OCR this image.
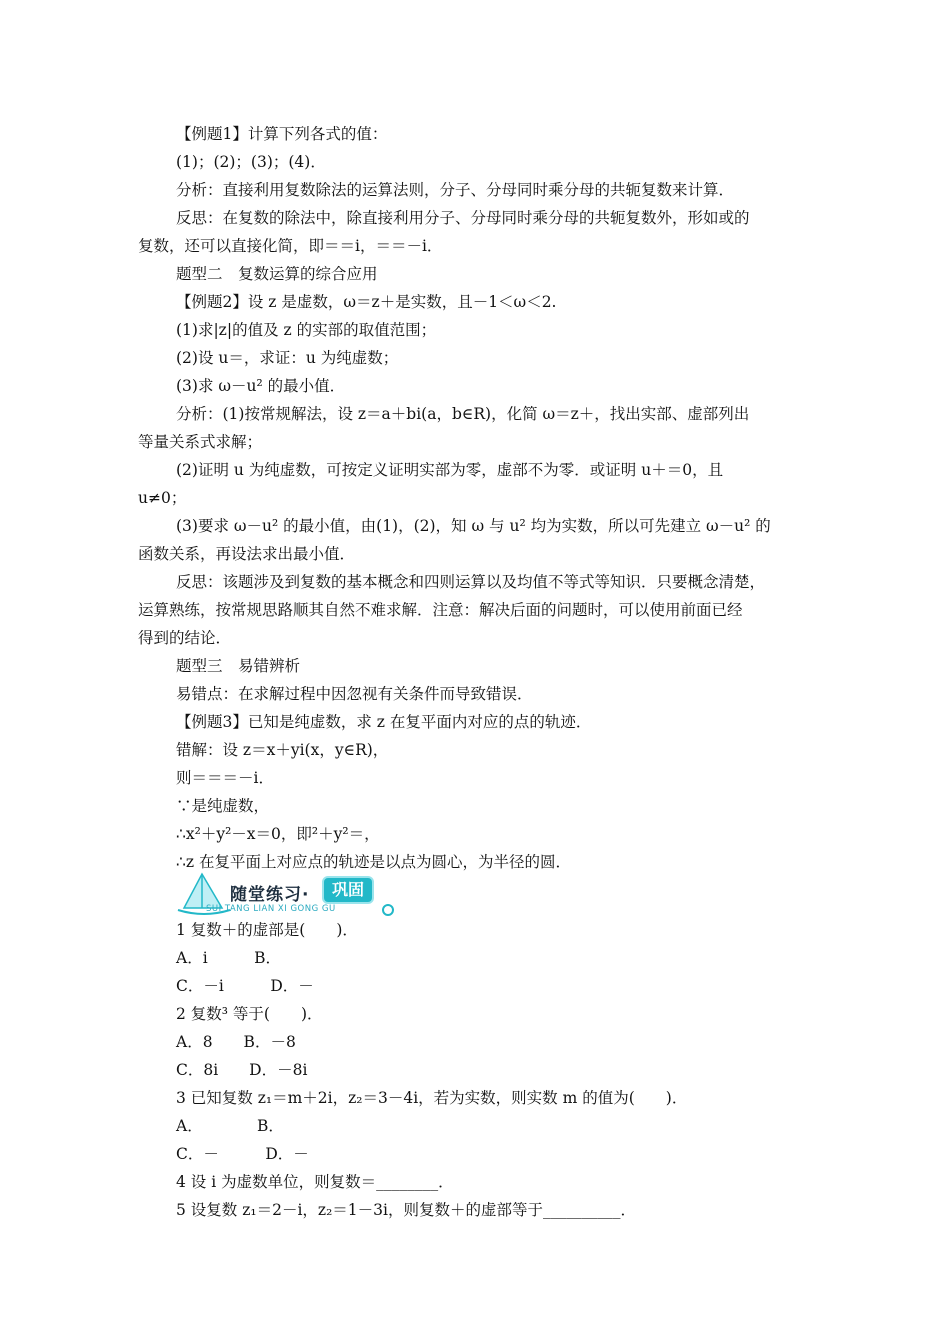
【例题1】计算下列各式的值：
(1)；(2)；(3)；(4)．
分析：直接利用复数除法的运算法则，分子、分母同时乘分母的共轭复数来计算．
反思：在复数的除法中，除直接利用分子、分母同时乘分母的共轭复数外，形如或的
复数，还可以直接化简，即＝＝i，＝＝－i．
题型二　复数运算的综合应用
【例题2】设 z 是虚数，ω＝z＋是实数，且－1＜ω＜2.
(1)求|z|的值及 z 的实部的取值范围；
(2)设 u＝，求证：u 为纯虚数；
(3)求 ω－u² 的最小值．
分析：(1)按常规解法，设 z＝a＋bi(a，b∈R)，化简 ω＝z＋，找出实部、虚部列出
等量关系式求解；
(2)证明 u 为纯虚数，可按定义证明实部为零，虚部不为零．或证明 u＋＝0，且
u≠0；
(3)要求 ω－u² 的最小值，由(1)，(2)，知 ω 与 u² 均为实数，所以可先建立 ω－u² 的
函数关系，再设法求出最小值．
反思：该题涉及到复数的基本概念和四则运算以及均值不等式等知识．只要概念清楚，
运算熟练，按常规思路顺其自然不难求解．注意：解决后面的问题时，可以使用前面已经
得到的结论．
题型三　易错辨析
易错点：在求解过程中因忽视有关条件而导致错误．
【例题3】已知是纯虚数，求 z 在复平面内对应的点的轨迹．
错解：设 z＝x＋yi(x，y∈R)，
则＝＝＝－i．
∵是纯虚数，
∴x²＋y²－x＝0，即²＋y²＝，
∴z 在复平面上对应点的轨迹是以点为圆心，为半径的圆．
随堂练习·	巩固
SUI TANG LIAN XI GONG GU
1 复数＋的虚部是(　　)．
A．i　　　B．
C．－i　　　D．－
2 复数³ 等于(　　)．
A．8　　B．－8
C．8i　　D．－8i
3 已知复数 z₁＝m＋2i，z₂＝3－4i，若为实数，则实数 m 的值为(　　)．
A．　　　　B．
C．－　　　D．－
4 设 i 为虚数单位，则复数＝________．
5 设复数 z₁＝2－i，z₂＝1－3i，则复数＋的虚部等于__________．
